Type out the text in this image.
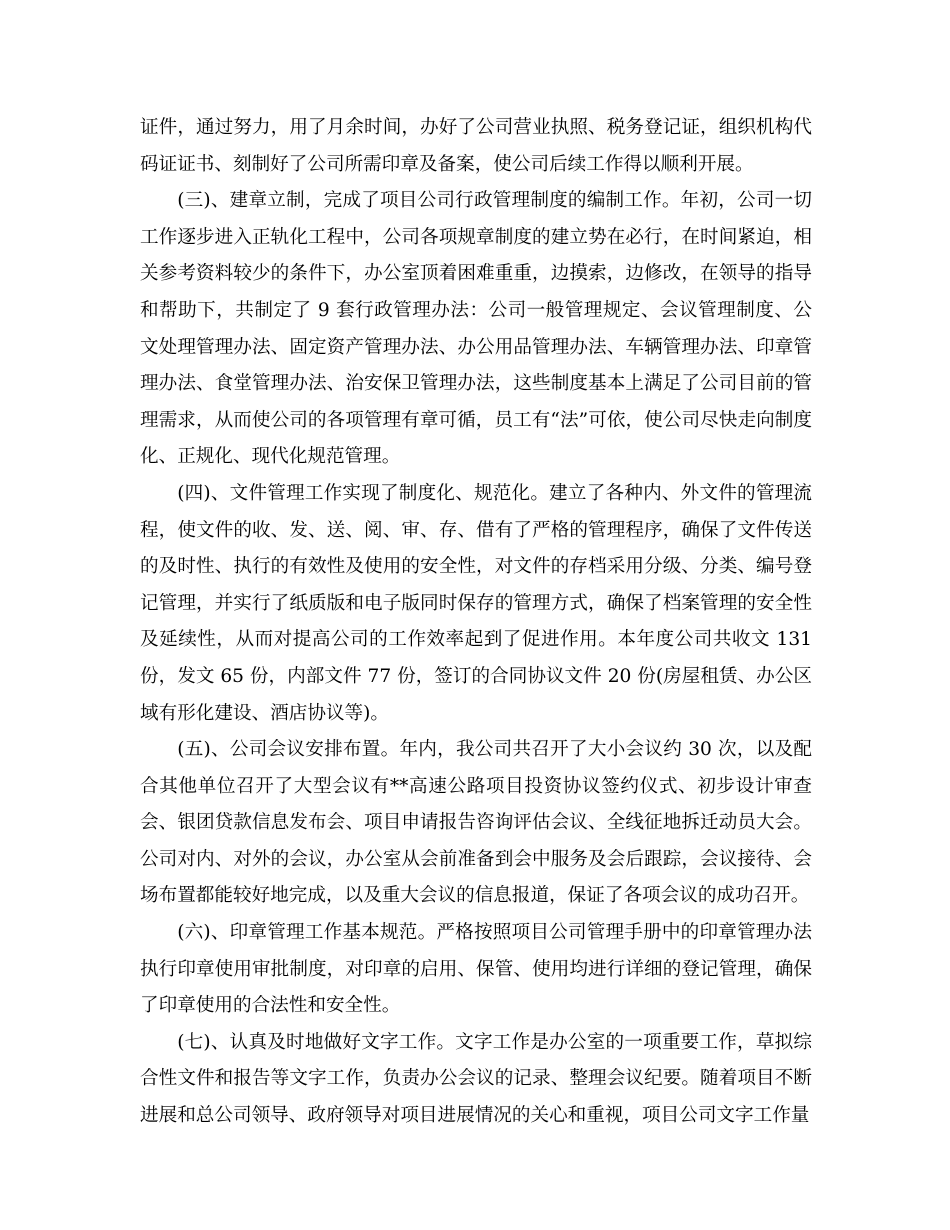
证件，通过努力，用了月余时间，办好了公司营业执照、税务登记证，组织机构代码证证书、刻制好了公司所需印章及备案，使公司后续工作得以顺利开展。

(三)、建章立制，完成了项目公司行政管理制度的编制工作。年初，公司一切工作逐步进入正轨化工程中，公司各项规章制度的建立势在必行，在时间紧迫，相关参考资料较少的条件下，办公室顶着困难重重，边摸索，边修改，在领导的指导和帮助下，共制定了 9 套行政管理办法：公司一般管理规定、会议管理制度、公文处理管理办法、固定资产管理办法、办公用品管理办法、车辆管理办法、印章管理办法、食堂管理办法、治安保卫管理办法，这些制度基本上满足了公司目前的管理需求，从而使公司的各项管理有章可循，员工有“法”可依，使公司尽快走向制度化、正规化、现代化规范管理。

(四)、文件管理工作实现了制度化、规范化。建立了各种内、外文件的管理流程，使文件的收、发、送、阅、审、存、借有了严格的管理程序，确保了文件传送的及时性、执行的有效性及使用的安全性，对文件的存档采用分级、分类、编号登记管理，并实行了纸质版和电子版同时保存的管理方式，确保了档案管理的安全性及延续性，从而对提高公司的工作效率起到了促进作用。本年度公司共收文 131 份，发文 65 份，内部文件 77 份，签订的合同协议文件 20 份(房屋租赁、办公区域有形化建设、酒店协议等)。

(五)、公司会议安排布置。年内，我公司共召开了大小会议约 30 次，以及配合其他单位召开了大型会议有**高速公路项目投资协议签约仪式、初步设计审查会、银团贷款信息发布会、项目申请报告咨询评估会议、全线征地拆迁动员大会。公司对内、对外的会议，办公室从会前准备到会中服务及会后跟踪，会议接待、会场布置都能较好地完成，以及重大会议的信息报道，保证了各项会议的成功召开。

(六)、印章管理工作基本规范。严格按照项目公司管理手册中的印章管理办法执行印章使用审批制度，对印章的启用、保管、使用均进行详细的登记管理，确保了印章使用的合法性和安全性。

(七)、认真及时地做好文字工作。文字工作是办公室的一项重要工作，草拟综合性文件和报告等文字工作，负责办公会议的记录、整理会议纪要。随着项目不断进展和总公司领导、政府领导对项目进展情况的关心和重视，项目公司文字工作量
